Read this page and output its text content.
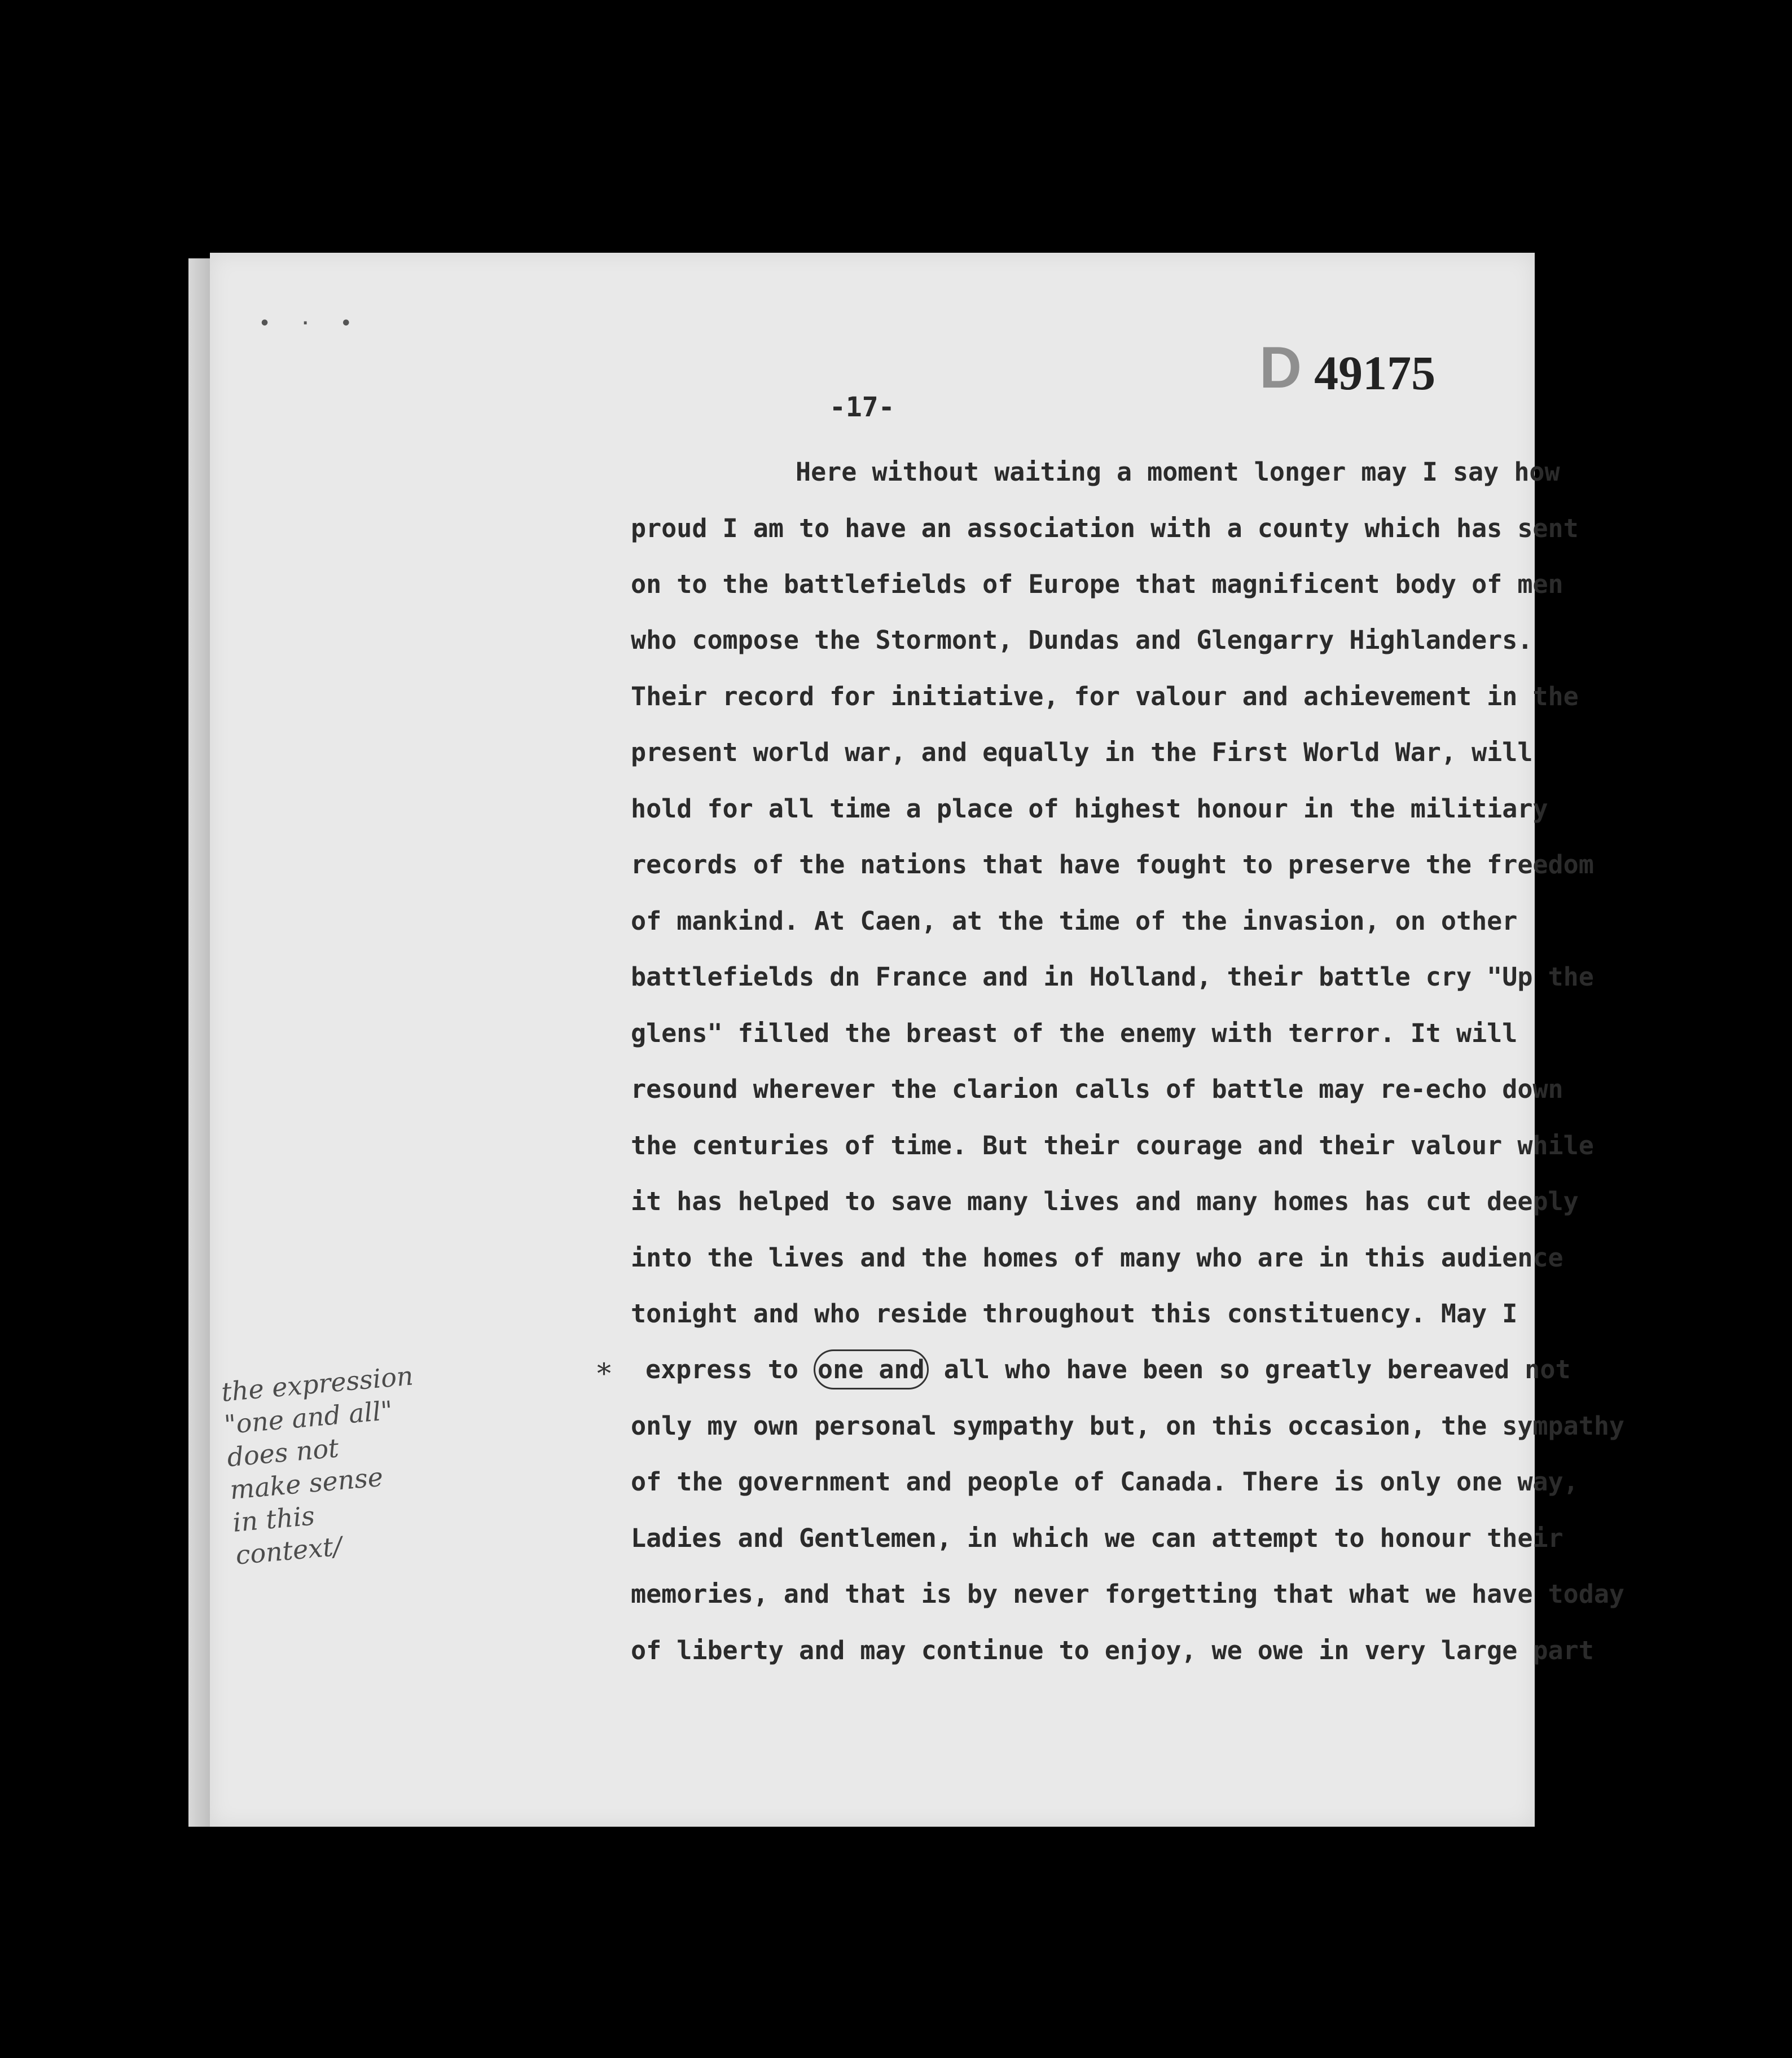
• · •
D 49175
-17-
*
the expression
"one and all"
does not
make sense
in this
context/
Here without waiting a moment longer may I say how
proud I am to have an association with a county which has sent
on to the battlefields of Europe that magnificent body of men
who compose the Stormont, Dundas and Glengarry Highlanders.
Their record for initiative, for valour and achievement in the
present world war, and equally in the First World War, will
hold for all time a place of highest honour in the militiary
records of the nations that have fought to preserve the freedom
of mankind. At Caen, at the time of the invasion, on other
battlefields dn France and in Holland, their battle cry "Up the
glens" filled the breast of the enemy with terror. It will
resound wherever the clarion calls of battle may re-echo down
the centuries of time. But their courage and their valour while
it has helped to save many lives and many homes has cut deeply
into the lives and the homes of many who are in this audience
tonight and who reside throughout this constituency. May I
express to one and all who have been so greatly bereaved not
only my own personal sympathy but, on this occasion, the sympathy
of the government and people of Canada. There is only one way,
Ladies and Gentlemen, in which we can attempt to honour their
memories, and that is by never forgetting that what we have today
of liberty and may continue to enjoy, we owe in very large part
